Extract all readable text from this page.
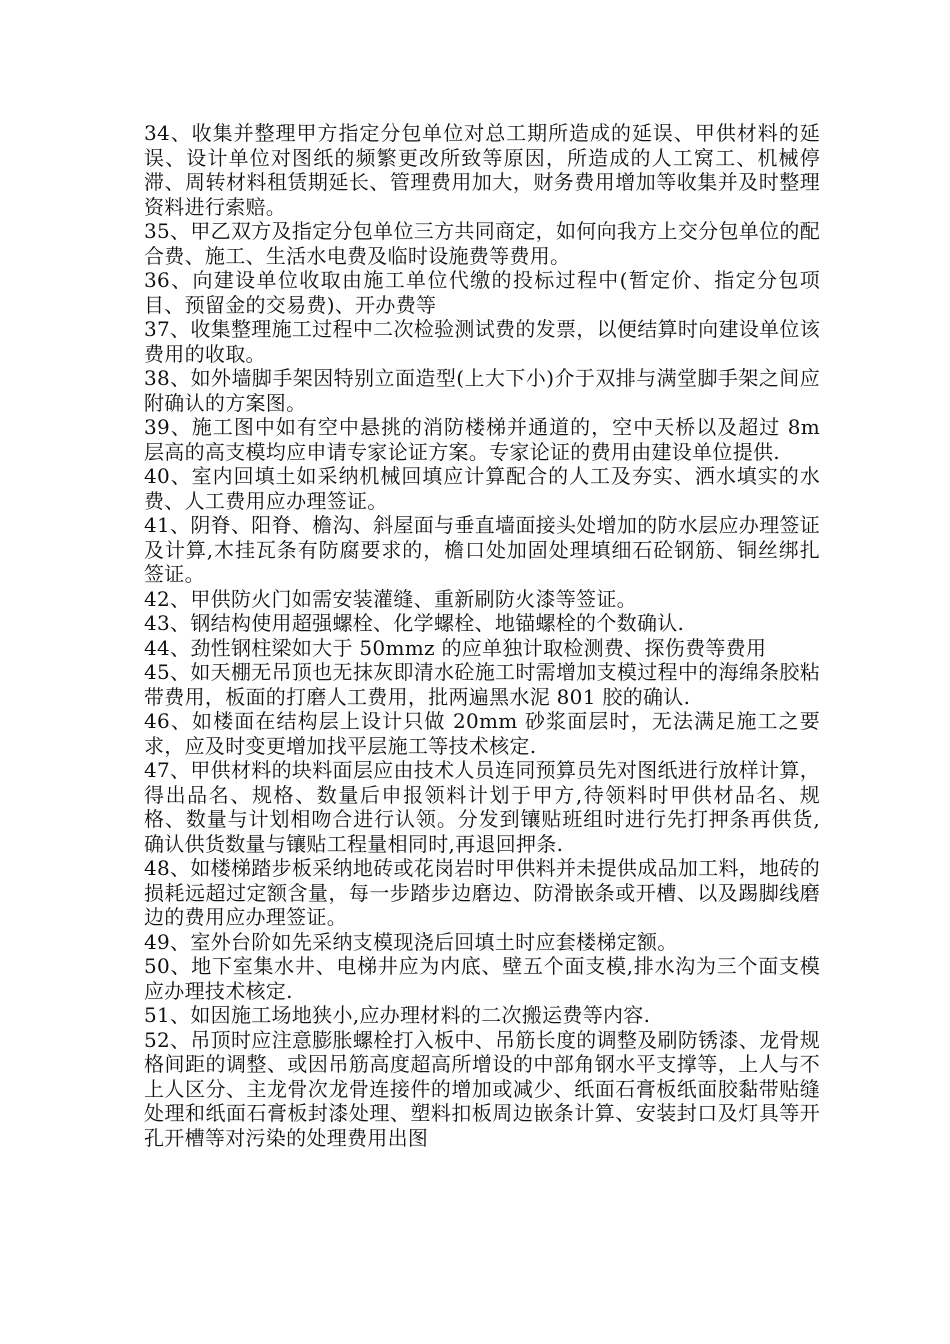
34、收集并整理甲方指定分包单位对总工期所造成的延误、甲供材料的延误、设计单位对图纸的频繁更改所致等原因，所造成的人工窝工、机械停滞、周转材料租赁期延长、管理费用加大，财务费用增加等收集并及时整理资料进行索赔。

35、甲乙双方及指定分包单位三方共同商定，如何向我方上交分包单位的配合费、施工、生活水电费及临时设施费等费用。

36、向建设单位收取由施工单位代缴的投标过程中(暂定价、指定分包项目、预留金的交易费)、开办费等

37、收集整理施工过程中二次检验测试费的发票，以便结算时向建设单位该费用的收取。

38、如外墙脚手架因特别立面造型(上大下小)介于双排与满堂脚手架之间应附确认的方案图。

39、施工图中如有空中悬挑的消防楼梯并通道的，空中天桥以及超过 8m 层高的高支模均应申请专家论证方案。专家论证的费用由建设单位提供.

40、室内回填土如采纳机械回填应计算配合的人工及夯实、洒水填实的水费、人工费用应办理签证。

41、阴脊、阳脊、檐沟、斜屋面与垂直墙面接头处增加的防水层应办理签证及计算,木挂瓦条有防腐要求的，檐口处加固处理填细石砼钢筋、铜丝绑扎签证。

42、甲供防火门如需安装灌缝、重新刷防火漆等签证。

43、钢结构使用超强螺栓、化学螺栓、地锚螺栓的个数确认.

44、劲性钢柱梁如大于 50mmz 的应单独计取检测费、探伤费等费用

45、如天棚无吊顶也无抹灰即清水砼施工时需增加支模过程中的海绵条胶粘带费用，板面的打磨人工费用，批两遍黑水泥 801 胶的确认.

46、如楼面在结构层上设计只做 20mm 砂浆面层时，无法满足施工之要求，应及时变更增加找平层施工等技术核定.

47、甲供材料的块料面层应由技术人员连同预算员先对图纸进行放样计算，得出品名、规格、数量后申报领料计划于甲方,待领料时甲供材品名、规格、数量与计划相吻合进行认领。分发到镶贴班组时进行先打押条再供货,确认供货数量与镶贴工程量相同时,再退回押条.

48、如楼梯踏步板采纳地砖或花岗岩时甲供料并未提供成品加工料，地砖的损耗远超过定额含量，每一步踏步边磨边、防滑嵌条或开槽、以及踢脚线磨边的费用应办理签证。

49、室外台阶如先采纳支模现浇后回填土时应套楼梯定额。

50、地下室集水井、电梯井应为内底、壁五个面支模,排水沟为三个面支模应办理技术核定.

51、如因施工场地狭小,应办理材料的二次搬运费等内容.

52、吊顶时应注意膨胀螺栓打入板中、吊筋长度的调整及刷防锈漆、龙骨规格间距的调整、或因吊筋高度超高所增设的中部角钢水平支撑等，上人与不上人区分、主龙骨次龙骨连接件的增加或减少、纸面石膏板纸面胶黏带贴缝处理和纸面石膏板封漆处理、塑料扣板周边嵌条计算、安装封口及灯具等开孔开槽等对污染的处理费用出图
